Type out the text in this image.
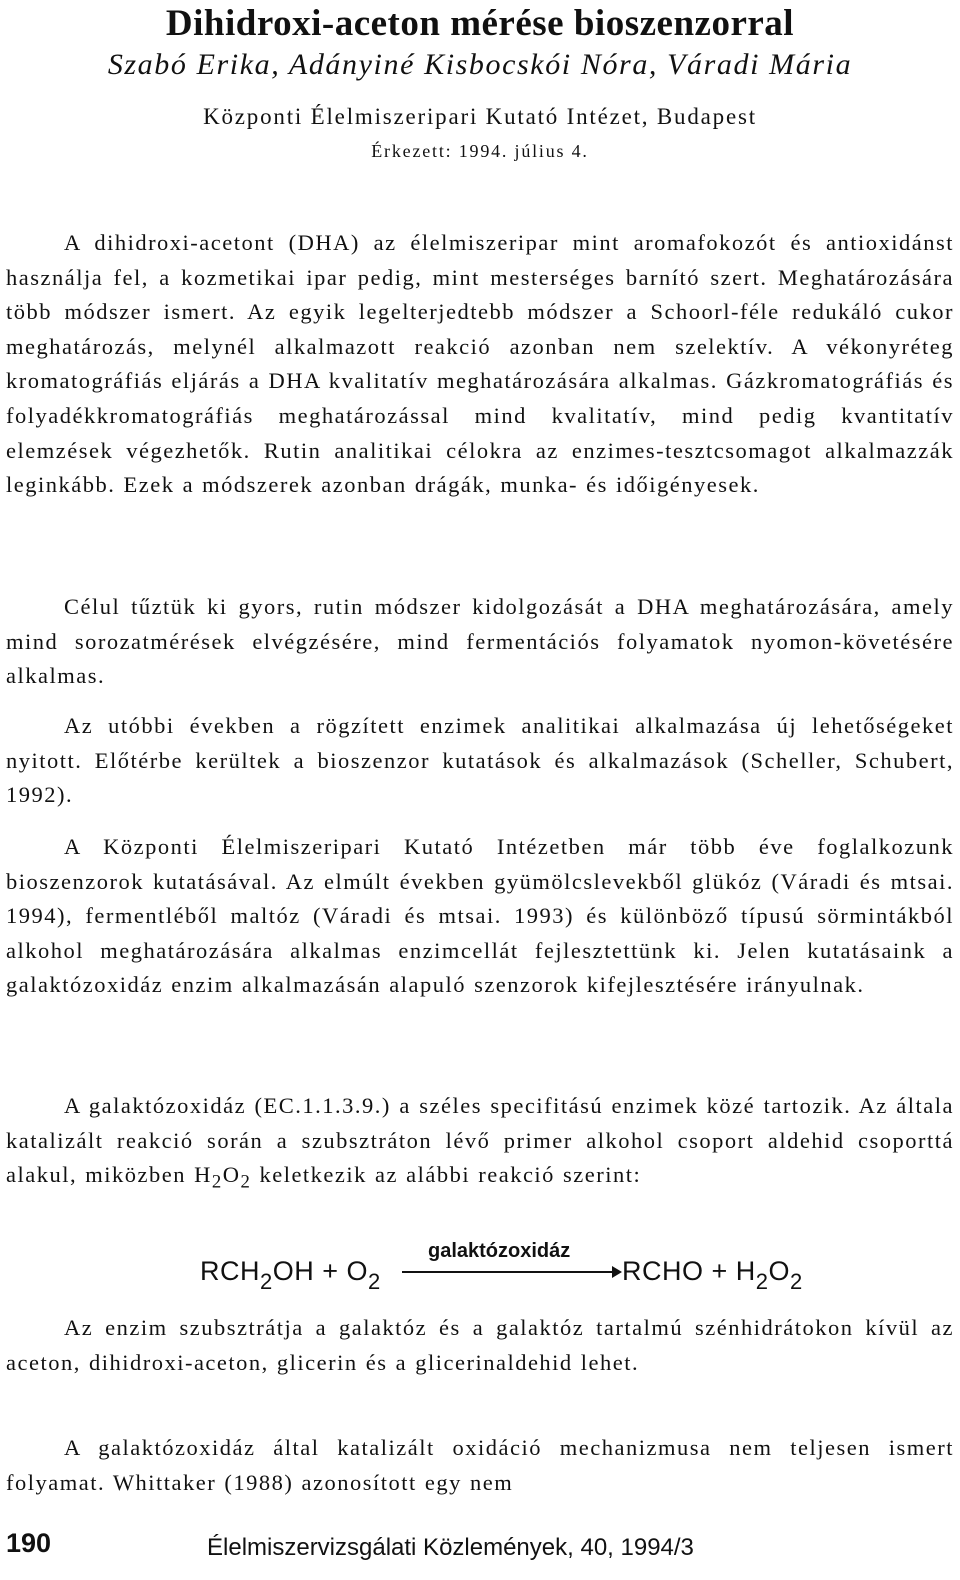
Dihidroxi-aceton mérése bioszenzorral
Szabó Erika, Adányiné Kisbocskói Nóra, Váradi Mária
Központi Élelmiszeripari Kutató Intézet, Budapest
Érkezett: 1994. július 4.

A dihidroxi-acetont (DHA) az élelmiszeripar mint aromafokozót és antioxidánst használja fel, a kozmetikai ipar pedig, mint mesterséges barnító szert. Meghatározására több módszer ismert. Az egyik legelterjedtebb módszer a Schoorl-féle redukáló cukor meghatározás, melynél alkalmazott reakció azonban nem szelektív. A vékonyréteg kromatográfiás eljárás a DHA kvalitatív meghatározására alkalmas. Gázkromatográfiás és folyadékkromatográfiás meghatározással mind kvalitatív, mind pedig kvantitatív elemzések végezhetők. Rutin analitikai célokra az enzimes-tesztcsomagot alkalmazzák leginkább. Ezek a módszerek azonban drágák, munka- és időigényesek.

Célul tűztük ki gyors, rutin módszer kidolgozását a DHA meghatározására, amely mind sorozatmérések elvégzésére, mind fermentációs folyamatok nyomon-követésére alkalmas.

Az utóbbi években a rögzített enzimek analitikai alkalmazása új lehetőségeket nyitott. Előtérbe kerültek a bioszenzor kutatások és alkalmazások (Scheller, Schubert, 1992).

A Központi Élelmiszeripari Kutató Intézetben már több éve foglalkozunk bioszenzorok kutatásával. Az elmúlt években gyümölcslevekből glükóz (Váradi és mtsai. 1994), fermentléből maltóz (Váradi és mtsai. 1993) és különböző típusú sörmintákból alkohol meghatározására alkalmas enzimcellát fejlesztettünk ki. Jelen kutatásaink a galaktózoxidáz enzim alkalmazásán alapuló szenzorok kifejlesztésére irányulnak.

A galaktózoxidáz (EC.1.1.3.9.) a széles specifitású enzimek közé tartozik. Az általa katalizált reakció során a szubsztráton lévő primer alkohol csoport aldehid csoporttá alakul, miközben $H_2O_2$ keletkezik az alábbi reakció szerint:

$RCH_2OH + O_2$
galaktózoxidáz
RCHO + $H_2O_2$

Az enzim szubsztrátja a galaktóz és a galaktóz tartalmú szénhidrátokon kívül az aceton, dihidroxi-aceton, glicerin és a glicerinaldehid lehet.

A galaktózoxidáz által katalizált oxidáció mechanizmusa nem teljesen ismert folyamat. Whittaker (1988) azonosított egy nem

190	Élelmiszervizsgálati Közlemények, 40, 1994/3
